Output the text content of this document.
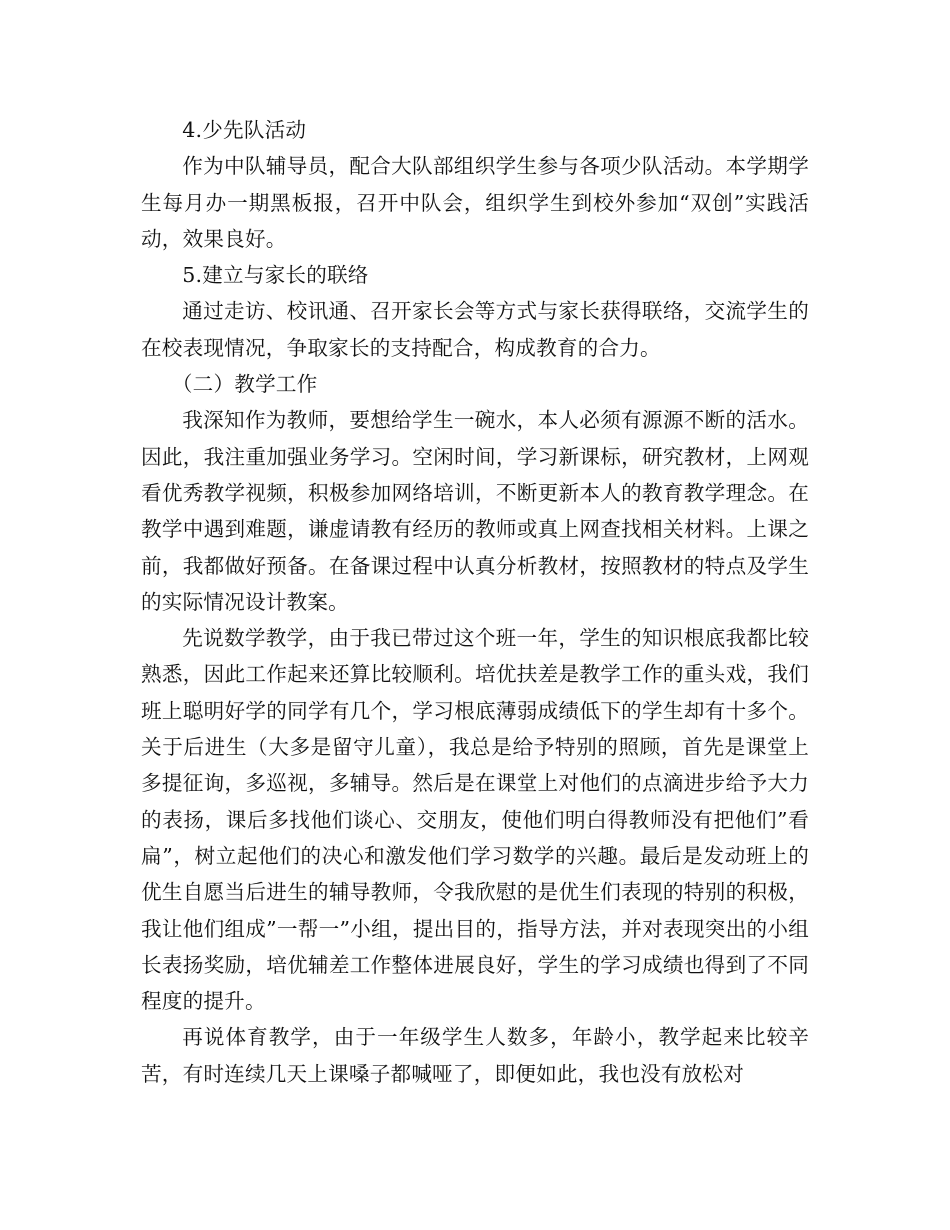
4.少先队活动

作为中队辅导员，配合大队部组织学生参与各项少队活动。本学期学生每月办一期黑板报，召开中队会，组织学生到校外参加“双创”实践活动，效果良好。

5.建立与家长的联络

通过走访、校讯通、召开家长会等方式与家长获得联络，交流学生的在校表现情况，争取家长的支持配合，构成教育的合力。

（二）教学工作

我深知作为教师，要想给学生一碗水，本人必须有源源不断的活水。因此，我注重加强业务学习。空闲时间，学习新课标，研究教材，上网观看优秀教学视频，积极参加网络培训，不断更新本人的教育教学理念。在教学中遇到难题，谦虚请教有经历的教师或真上网查找相关材料。上课之前，我都做好预备。在备课过程中认真分析教材，按照教材的特点及学生的实际情况设计教案。

先说数学教学，由于我已带过这个班一年，学生的知识根底我都比较熟悉，因此工作起来还算比较顺利。培优扶差是教学工作的重头戏，我们班上聪明好学的同学有几个，学习根底薄弱成绩低下的学生却有十多个。关于后进生（大多是留守儿童），我总是给予特别的照顾，首先是课堂上多提征询，多巡视，多辅导。然后是在课堂上对他们的点滴进步给予大力的表扬，课后多找他们谈心、交朋友，使他们明白得教师没有把他们”看扁”，树立起他们的决心和激发他们学习数学的兴趣。最后是发动班上的优生自愿当后进生的辅导教师，令我欣慰的是优生们表现的特别的积极，我让他们组成”一帮一”小组，提出目的，指导方法，并对表现突出的小组长表扬奖励，培优辅差工作整体进展良好，学生的学习成绩也得到了不同程度的提升。

再说体育教学，由于一年级学生人数多，年龄小，教学起来比较辛苦，有时连续几天上课嗓子都喊哑了，即便如此，我也没有放松对
